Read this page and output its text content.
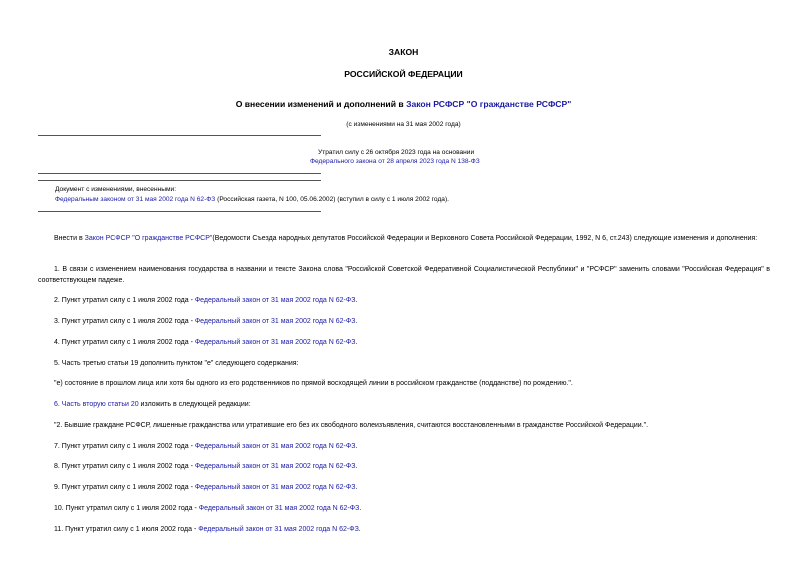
ЗАКОН
РОССИЙСКОЙ ФЕДЕРАЦИИ
О внесении изменений и дополнений в Закон РСФСР "О гражданстве РСФСР"
(с изменениями на 31 мая 2002 года)
Утратил силу с 26 октября 2023 года на основании
Федерального закона от 28 апреля 2023 года N 138-ФЗ
Документ с изменениями, внесенными:
Федеральным законом от 31 мая 2002 года N 62-ФЗ (Российская газета, N 100, 05.06.2002) (вступил в силу с 1 июля 2002 года).
Внести в Закон РСФСР "О гражданстве РСФСР"(Ведомости Съезда народных депутатов Российской Федерации и Верховного Совета Российской Федерации, 1992, N 6, ст.243) следующие изменения и дополнения:
1. В связи с изменением наименования государства в названии и тексте Закона слова "Российской Советской Федеративной Социалистической Республики" и "РСФСР" заменить словами "Российская Федерация" в соответствующем падеже.
2. Пункт утратил силу с 1 июля 2002 года - Федеральный закон от 31 мая 2002 года N 62-ФЗ.
3. Пункт утратил силу с 1 июля 2002 года - Федеральный закон от 31 мая 2002 года N 62-ФЗ.
4. Пункт утратил силу с 1 июля 2002 года - Федеральный закон от 31 мая 2002 года N 62-ФЗ.
5. Часть третью статьи 19 дополнить пунктом "е" следующего содержания:
"е) состояние в прошлом лица или хотя бы одного из его родственников по прямой восходящей линии в российском гражданстве (подданстве) по рождению.".
6. Часть вторую статьи 20 изложить в следующей редакции:
"2. Бывшие граждане РСФСР, лишенные гражданства или утратившие его без их свободного волеизъявления, считаются восстановленными в гражданстве Российской Федерации.".
7. Пункт утратил силу с 1 июля 2002 года - Федеральный закон от 31 мая 2002 года N 62-ФЗ.
8. Пункт утратил силу с 1 июля 2002 года - Федеральный закон от 31 мая 2002 года N 62-ФЗ.
9. Пункт утратил силу с 1 июля 2002 года - Федеральный закон от 31 мая 2002 года N 62-ФЗ.
10. Пункт утратил силу с 1 июля 2002 года - Федеральный закон от 31 мая 2002 года N 62-ФЗ.
11. Пункт утратил силу с 1 июля 2002 года - Федеральный закон от 31 мая 2002 года N 62-ФЗ.
